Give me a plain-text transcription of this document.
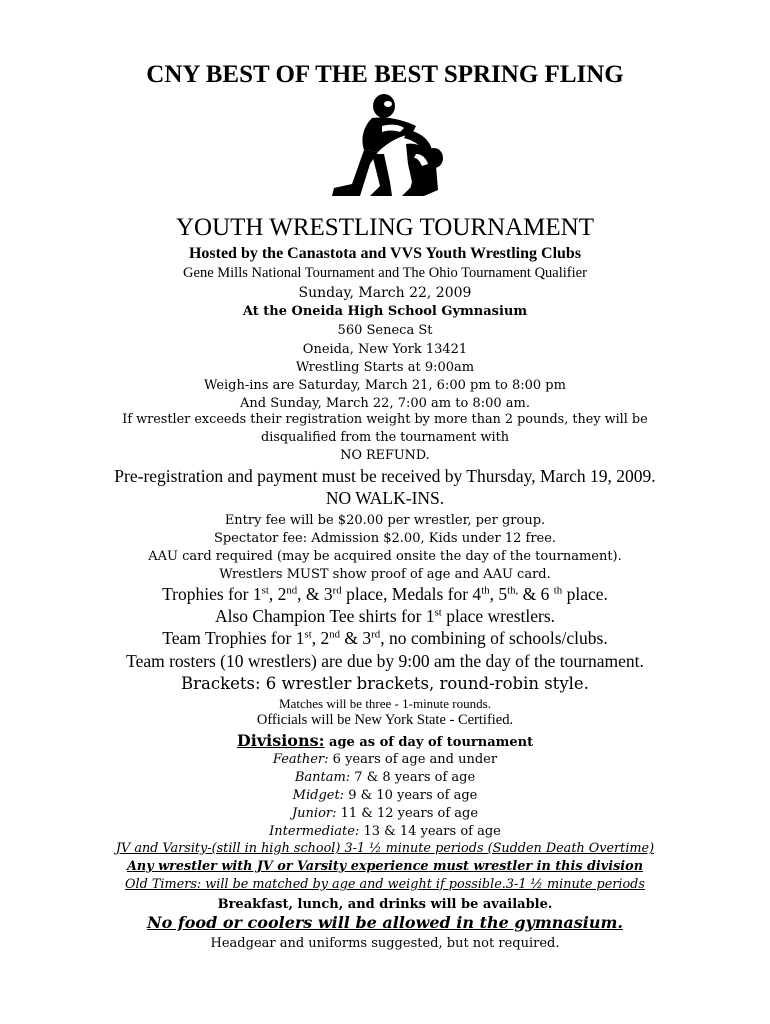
CNY BEST OF THE BEST SPRING FLING
YOUTH WRESTLING TOURNAMENT
Hosted by the Canastota and VVS Youth Wrestling Clubs
Gene Mills National Tournament and The Ohio Tournament Qualifier
Sunday, March 22, 2009
At the Oneida High School Gymnasium
560 Seneca St
Oneida, New York 13421
Wrestling Starts at 9:00am
Weigh-ins are Saturday, March 21, 6:00 pm to 8:00 pm
And Sunday, March 22, 7:00 am to 8:00 am.
If wrestler exceeds their registration weight by more than 2 pounds, they will be
disqualified from the tournament with
NO REFUND.
Pre-registration and payment must be received by Thursday, March 19, 2009.
NO WALK-INS.
Entry fee will be $20.00 per wrestler, per group.
Spectator fee: Admission $2.00, Kids under 12 free.
AAU card required (may be acquired onsite the day of the tournament).
Wrestlers MUST show proof of age and AAU card.
Trophies for 1st, 2nd, & 3rd place, Medals for 4th, $5^{th,}$ & 6 $^{th}$ place.
Also Champion Tee shirts for 1st place wrestlers.
Team Trophies for 1st, 2nd & 3rd, no combining of schools/clubs.
Team rosters (10 wrestlers) are due by 9:00 am the day of the tournament.
Brackets: 6 wrestler brackets, round-robin style.
Matches will be three - 1-minute rounds.
Officials will be New York State - Certified.
Divisions: age as of day of tournament
Feather: 6 years of age and under
Bantam: 7 & 8 years of age
Midget: 9 & 10 years of age
Junior: 11 & 12 years of age
Intermediate: 13 & 14 years of age
JV and Varsity-(still in high school) 3-1 ½ minute periods (Sudden Death Overtime)
Any wrestler with JV or Varsity experience must wrestler in this division
Old Timers: will be matched by age and weight if possible.3-1 ½ minute periods
Breakfast, lunch, and drinks will be available.
No food or coolers will be allowed in the gymnasium.
Headgear and uniforms suggested, but not required.
